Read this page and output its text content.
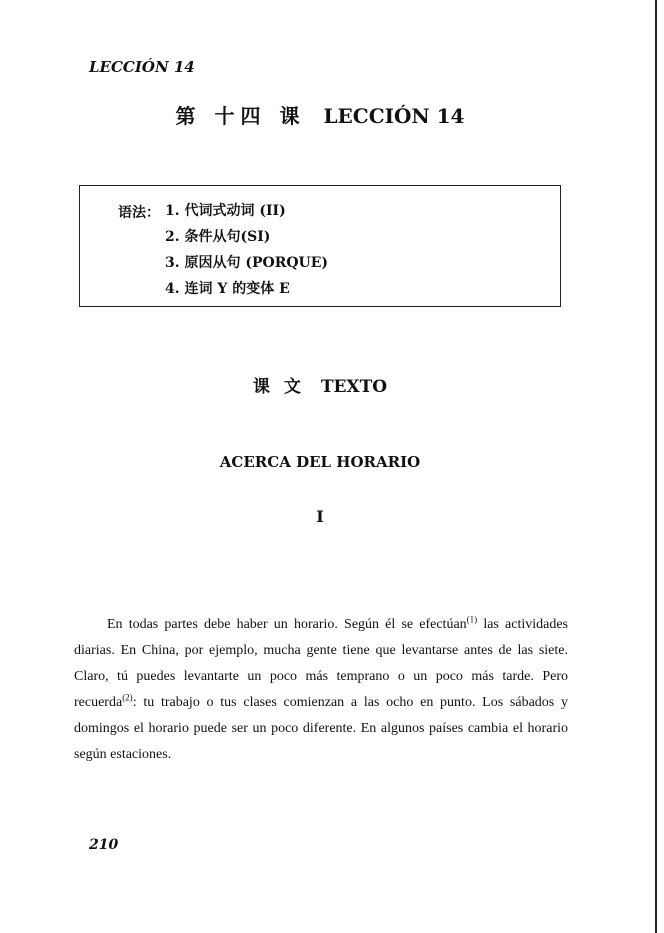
LECCIÓN 14
第 十四 课 LECCIÓN 14
语法： 1. 代词式动词 (II)
2. 条件从句(SI)
3. 原因从句 (PORQUE)
4. 连词 Y 的变体 E
课 文 TEXTO
ACERCA DEL HORARIO
I

En todas partes debe haber un horario. Según él se efectúan$^{(1)}$ las actividades diarias. En China, por ejemplo, mucha gente tiene que levantarse antes de las siete. Claro, tú puedes levantarte un poco más temprano o un poco más tarde. Pero recuerda$^{(2)}$: tu trabajo o tus clases comienzan a las ocho en punto. Los sábados y domingos el horario puede ser un poco diferente. En algunos países cambia el horario según estaciones.

210
